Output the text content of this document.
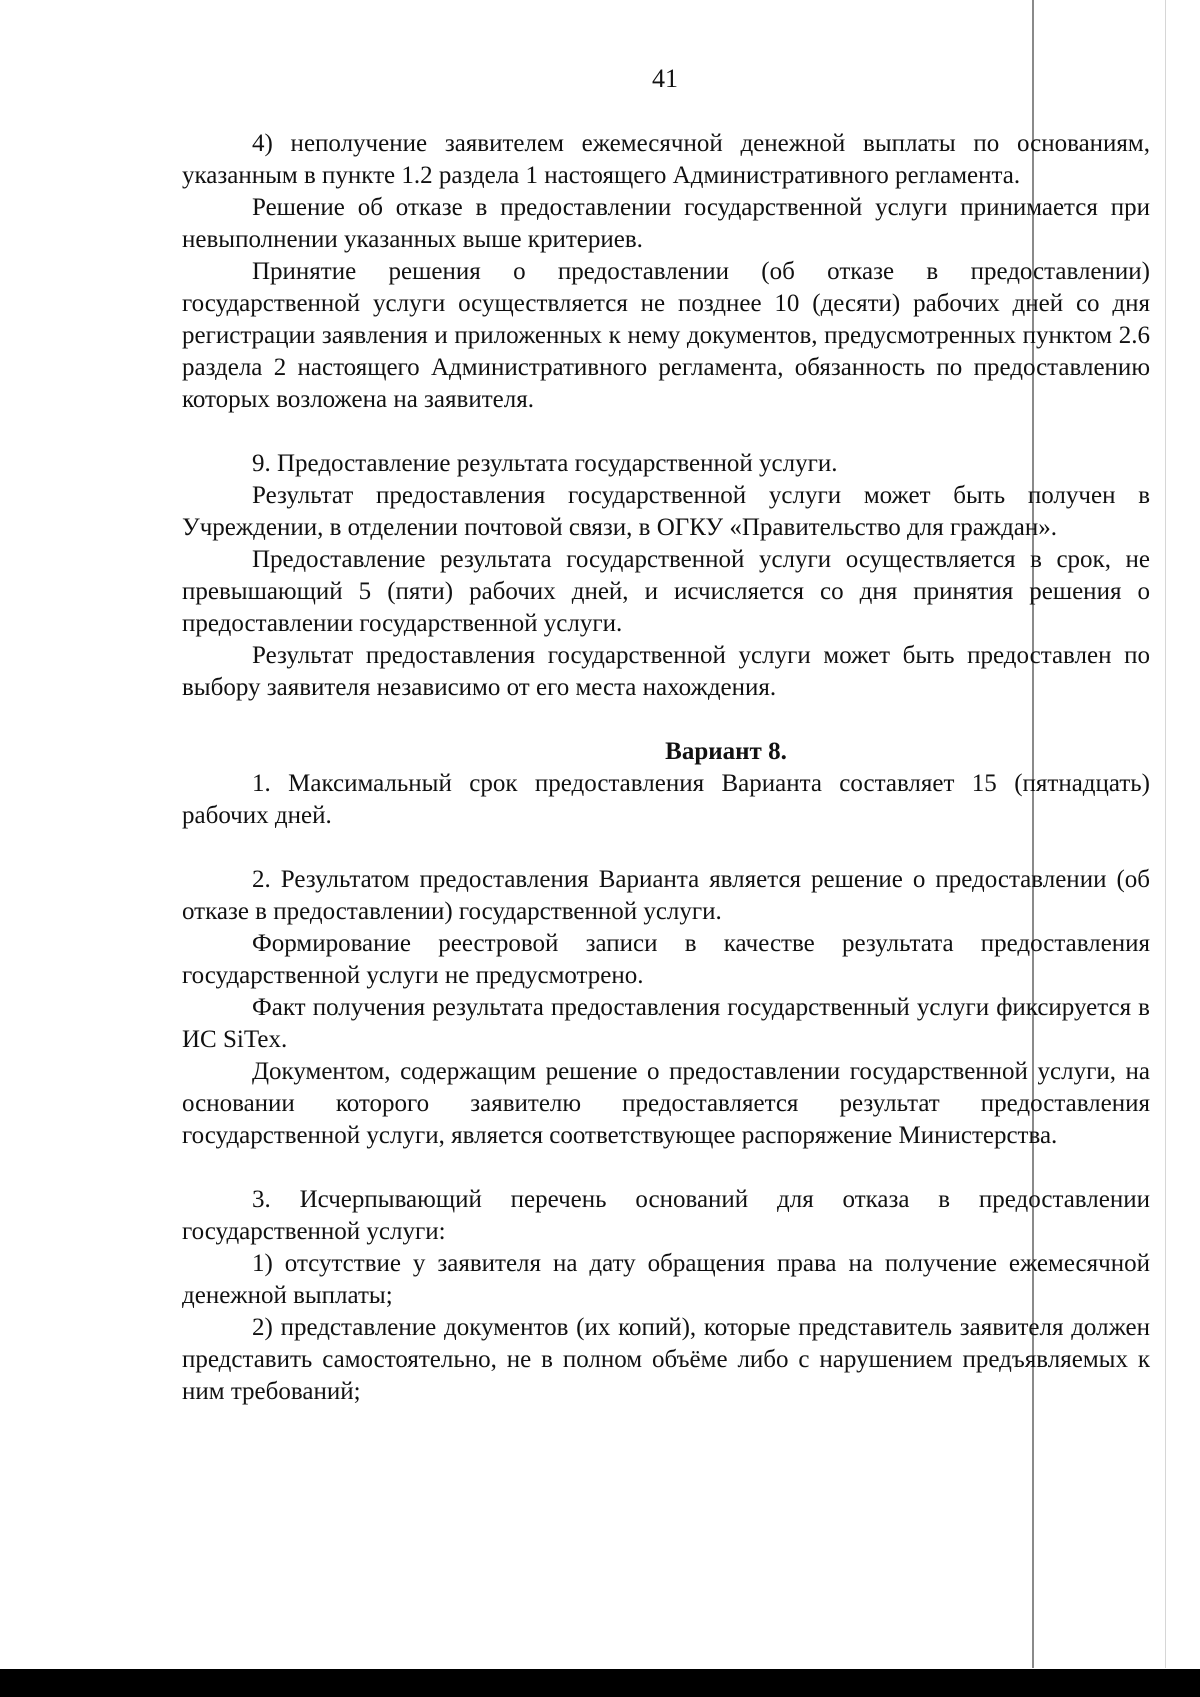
41

4) неполучение заявителем ежемесячной денежной выплаты по основаниям, указанным в пункте 1.2 раздела 1 настоящего Административного регламента.

Решение об отказе в предоставлении государственной услуги принимается при невыполнении указанных выше критериев.

Принятие решения о предоставлении (об отказе в предоставлении) государственной услуги осуществляется не позднее 10 (десяти) рабочих дней со дня регистрации заявления и приложенных к нему документов, предусмотренных пунктом 2.6 раздела 2 настоящего Административного регламента, обязанность по предоставлению которых возложена на заявителя.

9. Предоставление результата государственной услуги.

Результат предоставления государственной услуги может быть получен в Учреждении, в отделении почтовой связи, в ОГКУ «Правительство для граждан».

Предоставление результата государственной услуги осуществляется в срок, не превышающий 5 (пяти) рабочих дней, и исчисляется со дня принятия решения о предоставлении государственной услуги.

Результат предоставления государственной услуги может быть предоставлен по выбору заявителя независимо от его места нахождения.

Вариант 8.

1. Максимальный срок предоставления Варианта составляет 15 (пятнадцать) рабочих дней.

2. Результатом предоставления Варианта является решение о предоставлении (об отказе в предоставлении) государственной услуги.

Формирование реестровой записи в качестве результата предоставления государственной услуги не предусмотрено.

Факт получения результата предоставления государственный услуги фиксируется в ИС SiTex.

Документом, содержащим решение о предоставлении государственной услуги, на основании которого заявителю предоставляется результат предоставления государственной услуги, является соответствующее распоряжение Министерства.

3. Исчерпывающий перечень оснований для отказа в предоставлении государственной услуги:

1) отсутствие у заявителя на дату обращения права на получение ежемесячной денежной выплаты;

2) представление документов (их копий), которые представитель заявителя должен представить самостоятельно, не в полном объёме либо с нарушением предъявляемых к ним требований;
